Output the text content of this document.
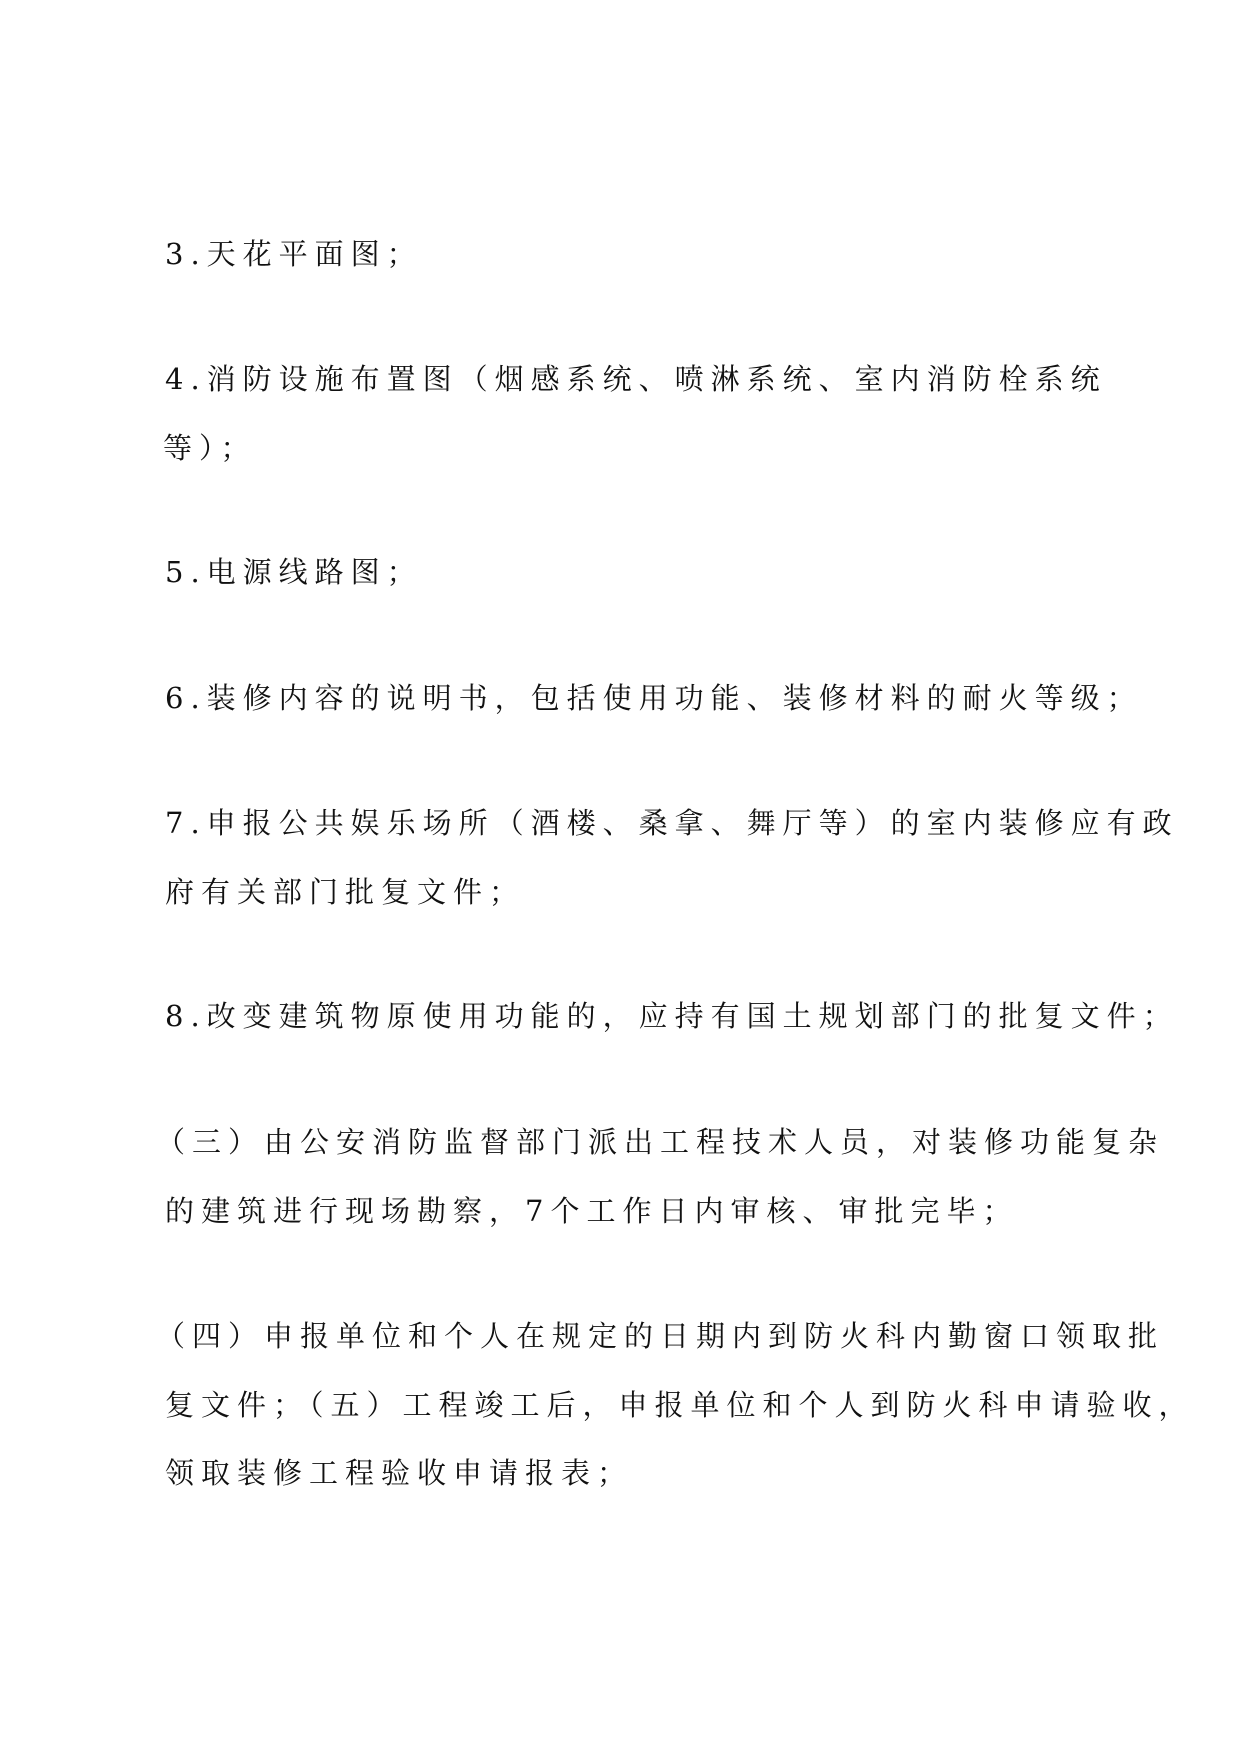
3.天花平面图；
4.消防设施布置图（烟感系统、喷淋系统、室内消防栓系统
等）；
5.电源线路图；
6.装修内容的说明书，包括使用功能、装修材料的耐火等级；
7.申报公共娱乐场所（酒楼、桑拿、舞厅等）的室内装修应有政
府有关部门批复文件；
8.改变建筑物原使用功能的，应持有国土规划部门的批复文件；
（三）由公安消防监督部门派出工程技术人员，对装修功能复杂
的建筑进行现场勘察，7个工作日内审核、审批完毕；
（四）申报单位和个人在规定的日期内到防火科内勤窗口领取批
复文件；（五）工程竣工后，申报单位和个人到防火科申请验收，
领取装修工程验收申请报表；
